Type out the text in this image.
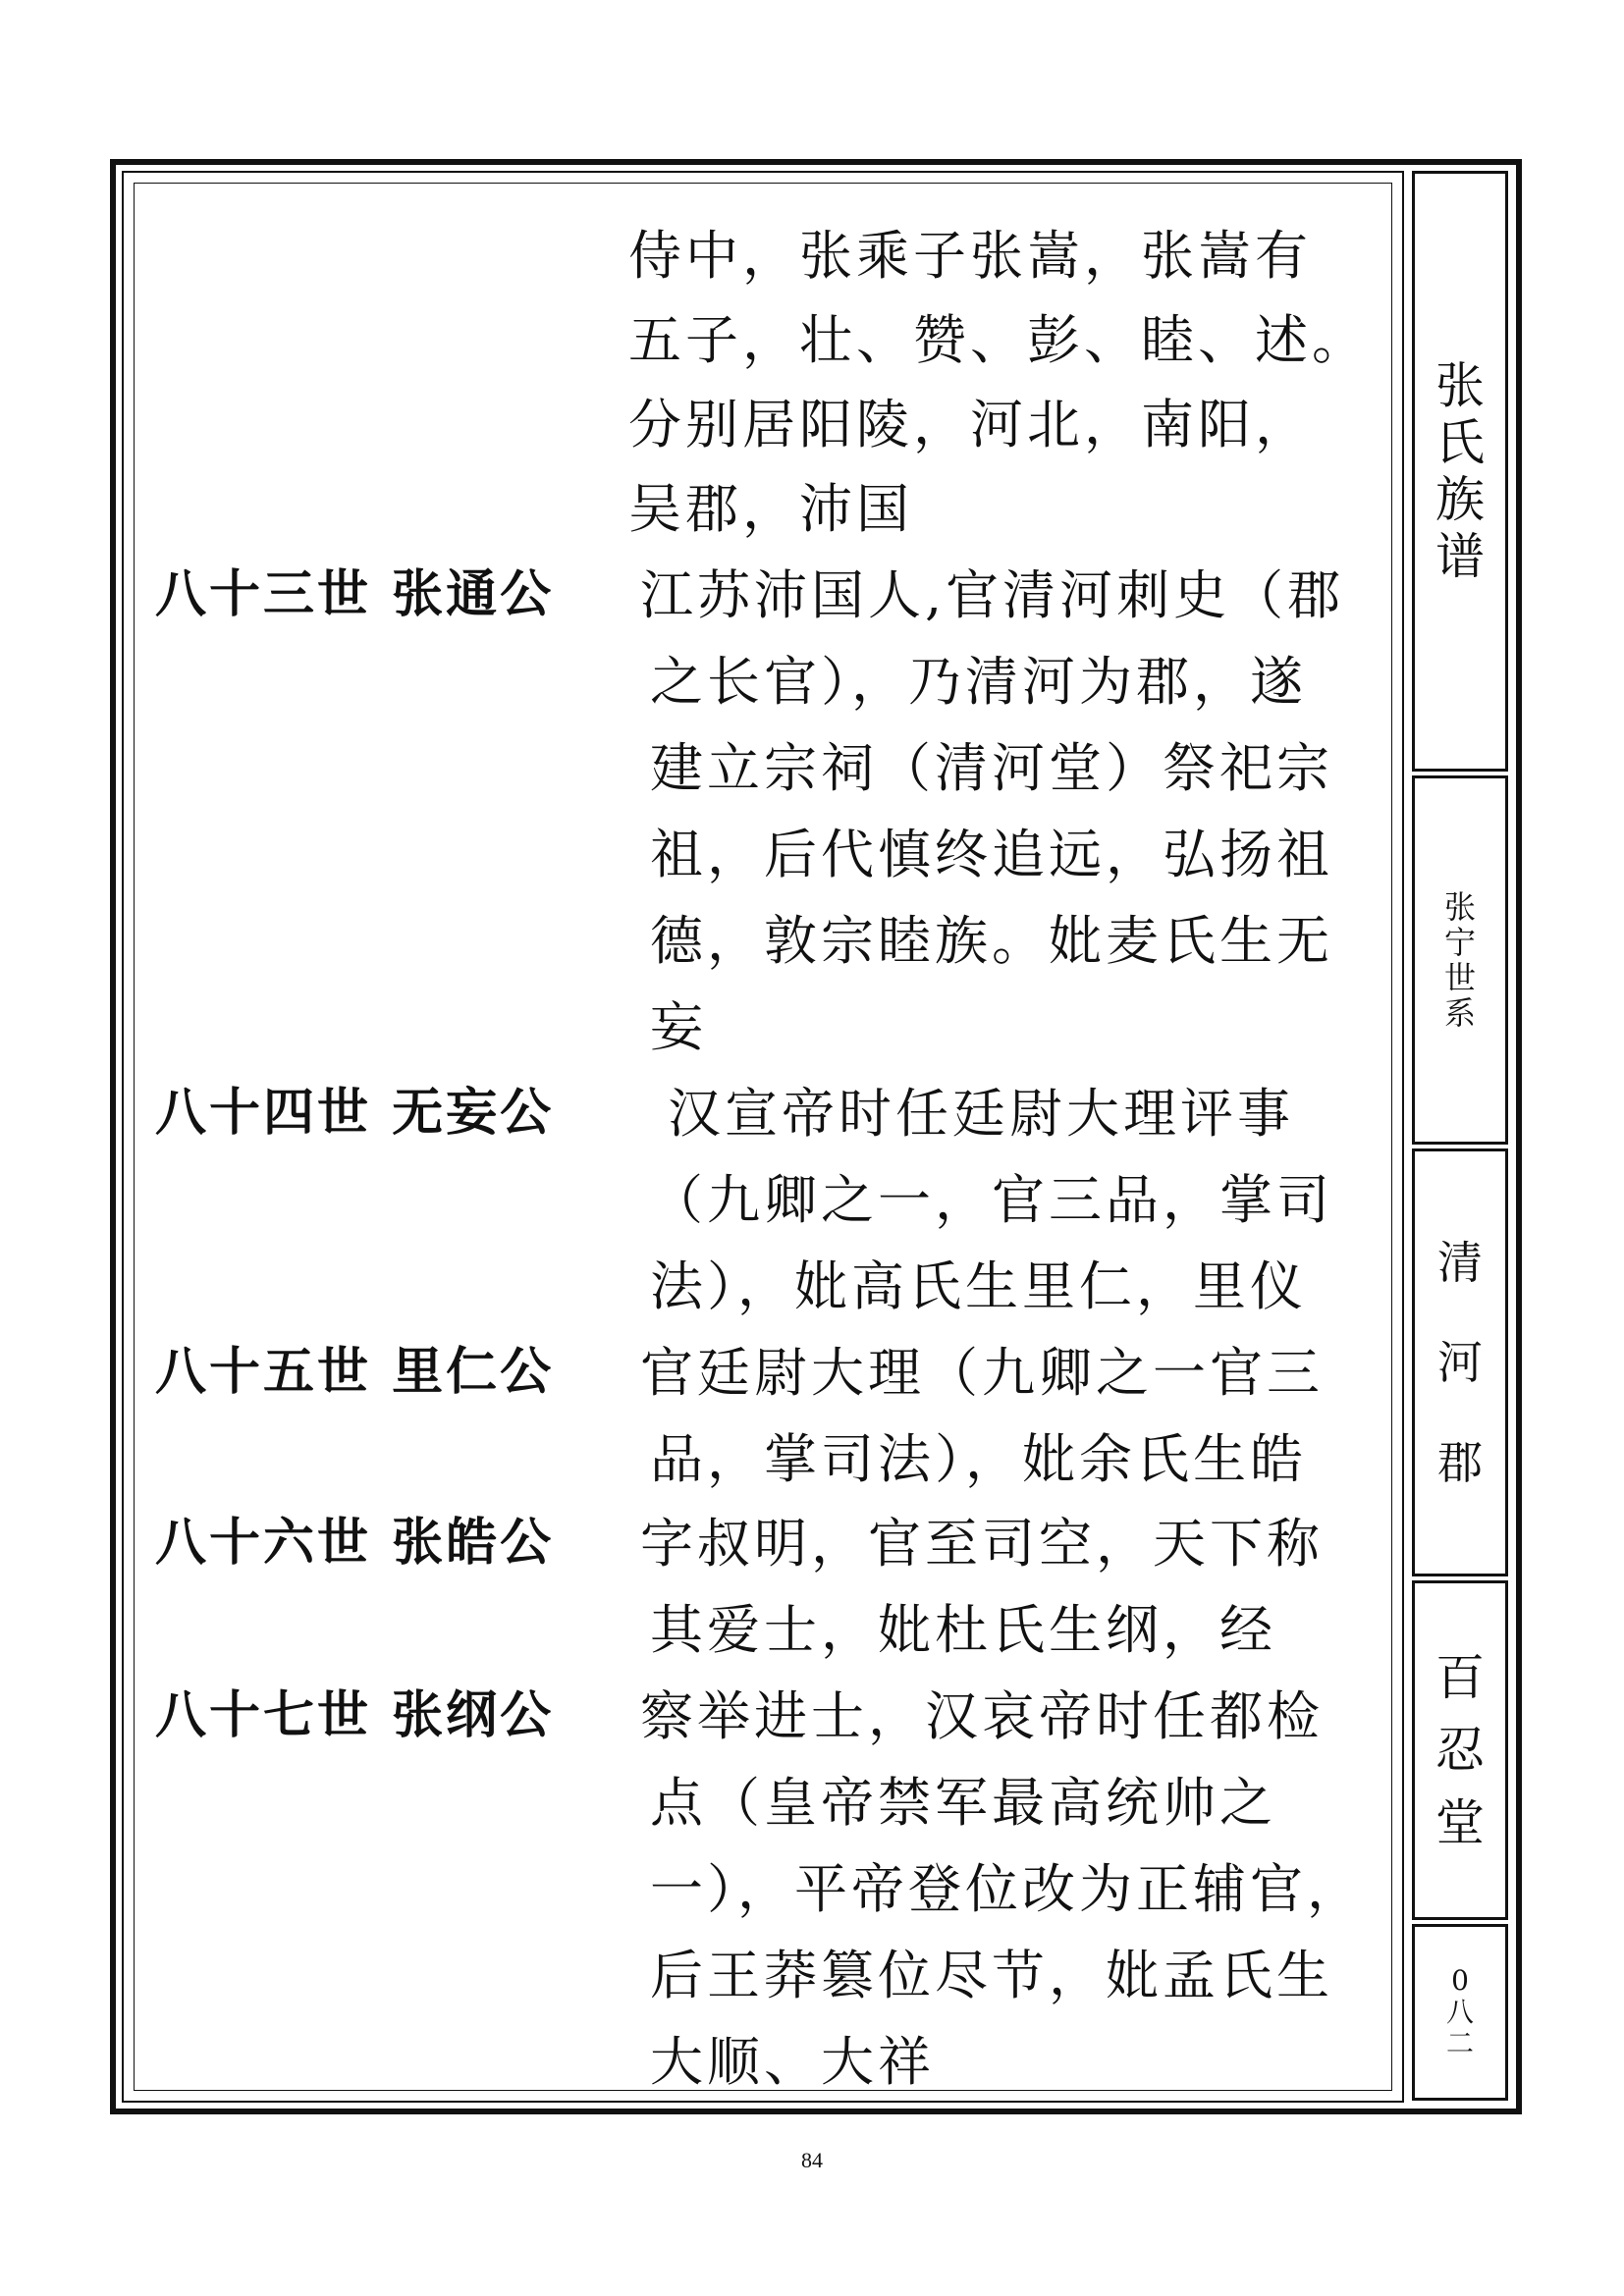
张
氏
族
谱
张
宁
世
系
清
河
郡
百
忍
堂
0
八
二
侍中，张乘子张嵩，张嵩有
五子，壮、赞、彭、睦、述。
分别居阳陵，河北，南阳，
吴郡，沛国
八十三世 张通公 江苏沛国人,官清河刺史（郡
之长官），乃清河为郡，遂
建立宗祠（清河堂）祭祀宗
祖，后代慎终追远，弘扬祖
德，敦宗睦族。妣麦氏生无
妄
八十四世 无妄公 汉宣帝时任廷尉大理评事
（九卿之一，官三品，掌司
法），妣高氏生里仁，里仪
八十五世 里仁公 官廷尉大理（九卿之一官三
品，掌司法），妣余氏生皓
八十六世 张皓公 字叔明，官至司空，天下称
其爱士，妣杜氏生纲，经
八十七世 张纲公 察举进士，汉哀帝时任都检
点（皇帝禁军最高统帅之
一），平帝登位改为正辅官，
后王莽篡位尽节，妣孟氏生
大顺、大祥
84
